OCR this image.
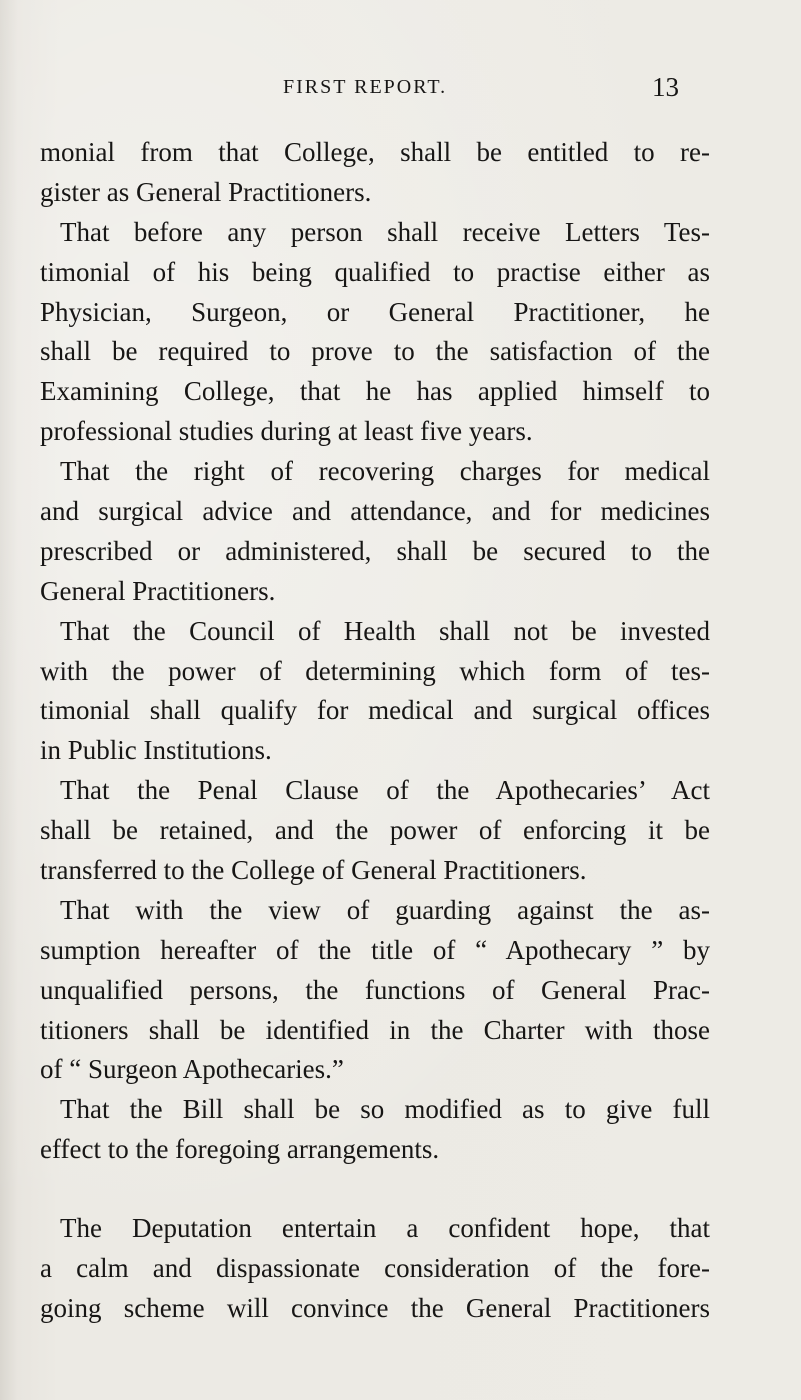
FIRST REPORT.	13
monial from that College, shall be entitled to re-
gister as General Practitioners.
That before any person shall receive Letters Tes-
timonial of his being qualified to practise either as
Physician, Surgeon, or General Practitioner, he
shall be required to prove to the satisfaction of the
Examining College, that he has applied himself to
professional studies during at least five years.
That the right of recovering charges for medical
and surgical advice and attendance, and for medicines
prescribed or administered, shall be secured to the
General Practitioners.
That the Council of Health shall not be invested
with the power of determining which form of tes-
timonial shall qualify for medical and surgical offices
in Public Institutions.
That the Penal Clause of the Apothecaries’ Act
shall be retained, and the power of enforcing it be
transferred to the College of General Practitioners.
That with the view of guarding against the as-
sumption hereafter of the title of “ Apothecary ” by
unqualified persons, the functions of General Prac-
titioners shall be identified in the Charter with those
of “ Surgeon Apothecaries.”
That the Bill shall be so modified as to give full
effect to the foregoing arrangements.
The Deputation entertain a confident hope, that
a calm and dispassionate consideration of the fore-
going scheme will convince the General Practitioners
